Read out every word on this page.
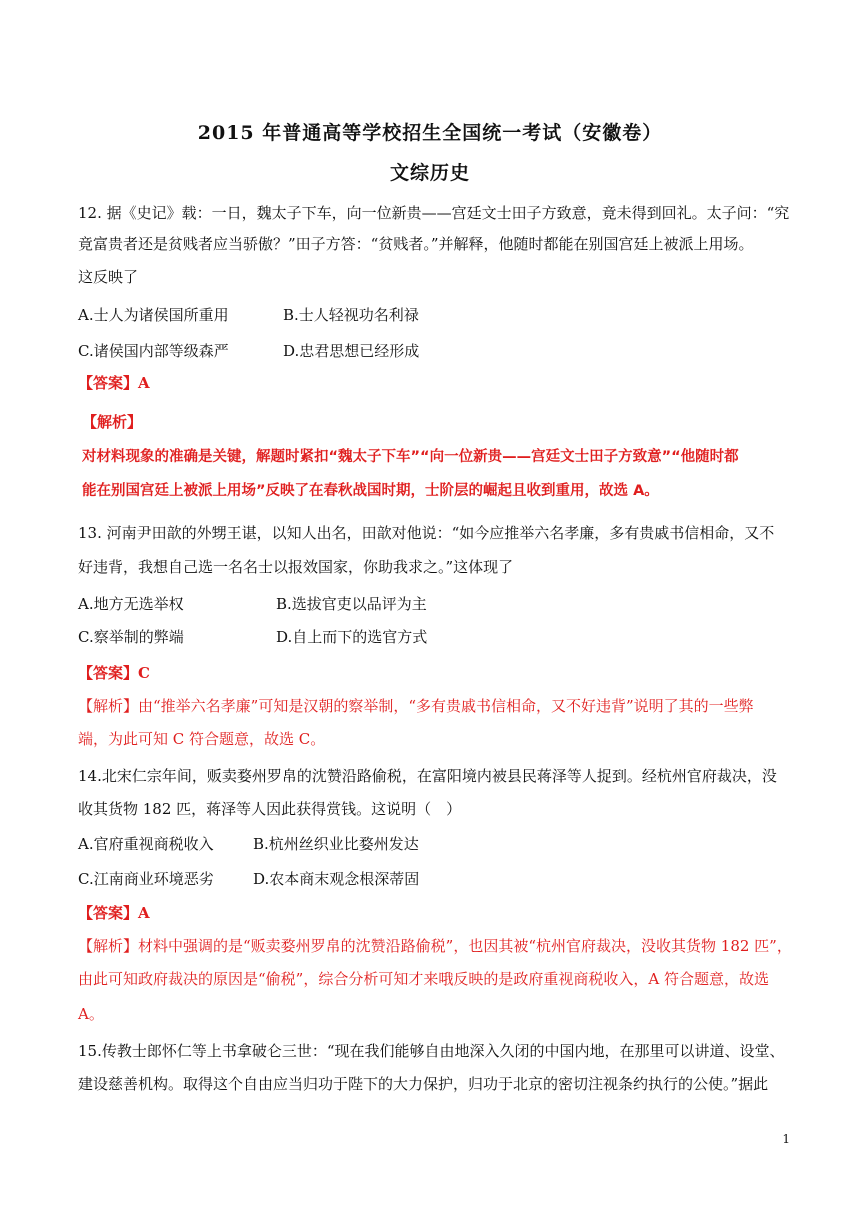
2015 年普通高等学校招生全国统一考试（安徽卷）
文综历史
12. 据《史记》载：一日，魏太子下车，向一位新贵——宫廷文士田子方致意，竟未得到回礼。太子问：“究
竟富贵者还是贫贱者应当骄傲？”田子方答：“贫贱者。”并解释，他随时都能在别国宫廷上被派上用场。
这反映了
A.士人为诸侯国所重用	B.士人轻视功名利禄
C.诸侯国内部等级森严	D.忠君思想已经形成
【答案】A
【解析】
对材料现象的准确是关键，解题时紧扣“魏太子下车”“向一位新贵——宫廷文士田子方致意”“他随时都
能在别国宫廷上被派上用场”反映了在春秋战国时期，士阶层的崛起且收到重用，故选 A。
13. 河南尹田歆的外甥王谌，以知人出名，田歆对他说：“如今应推举六名孝廉，多有贵戚书信相命，又不
好违背，我想自己选一名名士以报效国家，你助我求之。”这体现了
A.地方无选举权	B.选拔官吏以品评为主
C.察举制的弊端	D.自上而下的选官方式
【答案】C
【解析】由“推举六名孝廉”可知是汉朝的察举制，“多有贵戚书信相命，又不好违背”说明了其的一些弊
端，为此可知 C 符合题意，故选 C。
14.北宋仁宗年间，贩卖婺州罗帛的沈赞沿路偷税，在富阳境内被县民蒋泽等人捉到。经杭州官府裁决，没
收其货物 182 匹，蒋泽等人因此获得赏钱。这说明（　）
A.官府重视商税收入	B.杭州丝织业比婺州发达
C.江南商业环境恶劣	D.农本商末观念根深蒂固
【答案】A
【解析】材料中强调的是“贩卖婺州罗帛的沈赞沿路偷税”，也因其被“杭州官府裁决，没收其货物 182 匹”，
由此可知政府裁决的原因是“偷税”，综合分析可知才来哦反映的是政府重视商税收入，A 符合题意，故选
A。
15.传教士郎怀仁等上书拿破仑三世：“现在我们能够自由地深入久闭的中国内地，在那里可以讲道、设堂、
建设慈善机构。取得这个自由应当归功于陛下的大力保护，归功于北京的密切注视条约执行的公使。”据此
1
